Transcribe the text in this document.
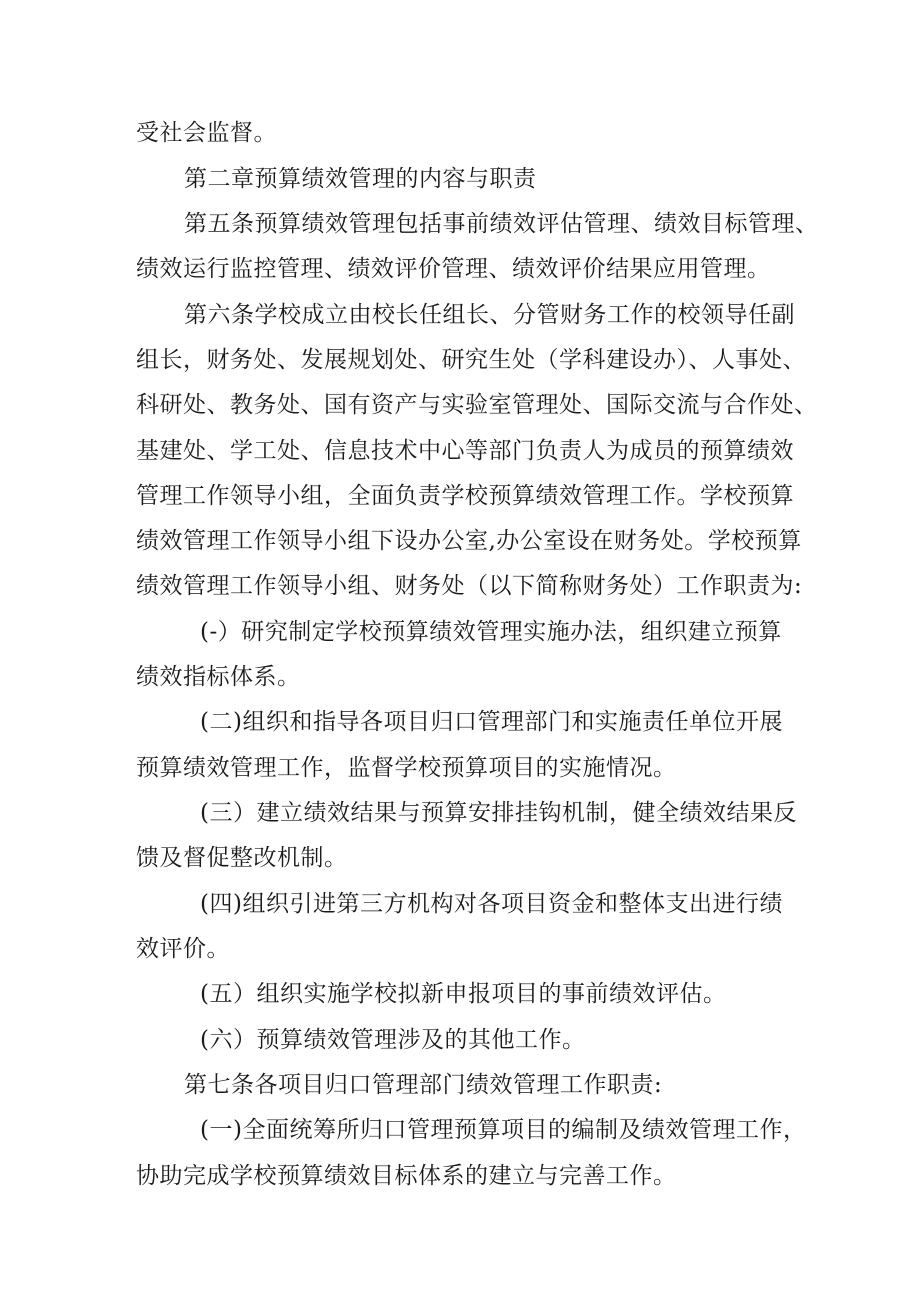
受社会监督。
第二章预算绩效管理的内容与职责
第五条预算绩效管理包括事前绩效评估管理、绩效目标管理、
绩效运行监控管理、绩效评价管理、绩效评价结果应用管理。
第六条学校成立由校长任组长、分管财务工作的校领导任副
组长，财务处、发展规划处、研究生处（学科建设办）、人事处、
科研处、教务处、国有资产与实验室管理处、国际交流与合作处、
基建处、学工处、信息技术中心等部门负责人为成员的预算绩效
管理工作领导小组，全面负责学校预算绩效管理工作。学校预算
绩效管理工作领导小组下设办公室,办公室设在财务处。学校预算
绩效管理工作领导小组、财务处（以下简称财务处）工作职责为:
(-）研究制定学校预算绩效管理实施办法，组织建立预算
绩效指标体系。
(二)组织和指导各项目归口管理部门和实施责任单位开展
预算绩效管理工作，监督学校预算项目的实施情况。
(三）建立绩效结果与预算安排挂钩机制，健全绩效结果反
馈及督促整改机制。
(四)组织引进第三方机构对各项目资金和整体支出进行绩
效评价。
(五）组织实施学校拟新申报项目的事前绩效评估。
(六）预算绩效管理涉及的其他工作。
第七条各项目归口管理部门绩效管理工作职责:
(一)全面统筹所归口管理预算项目的编制及绩效管理工作，
协助完成学校预算绩效目标体系的建立与完善工作。
